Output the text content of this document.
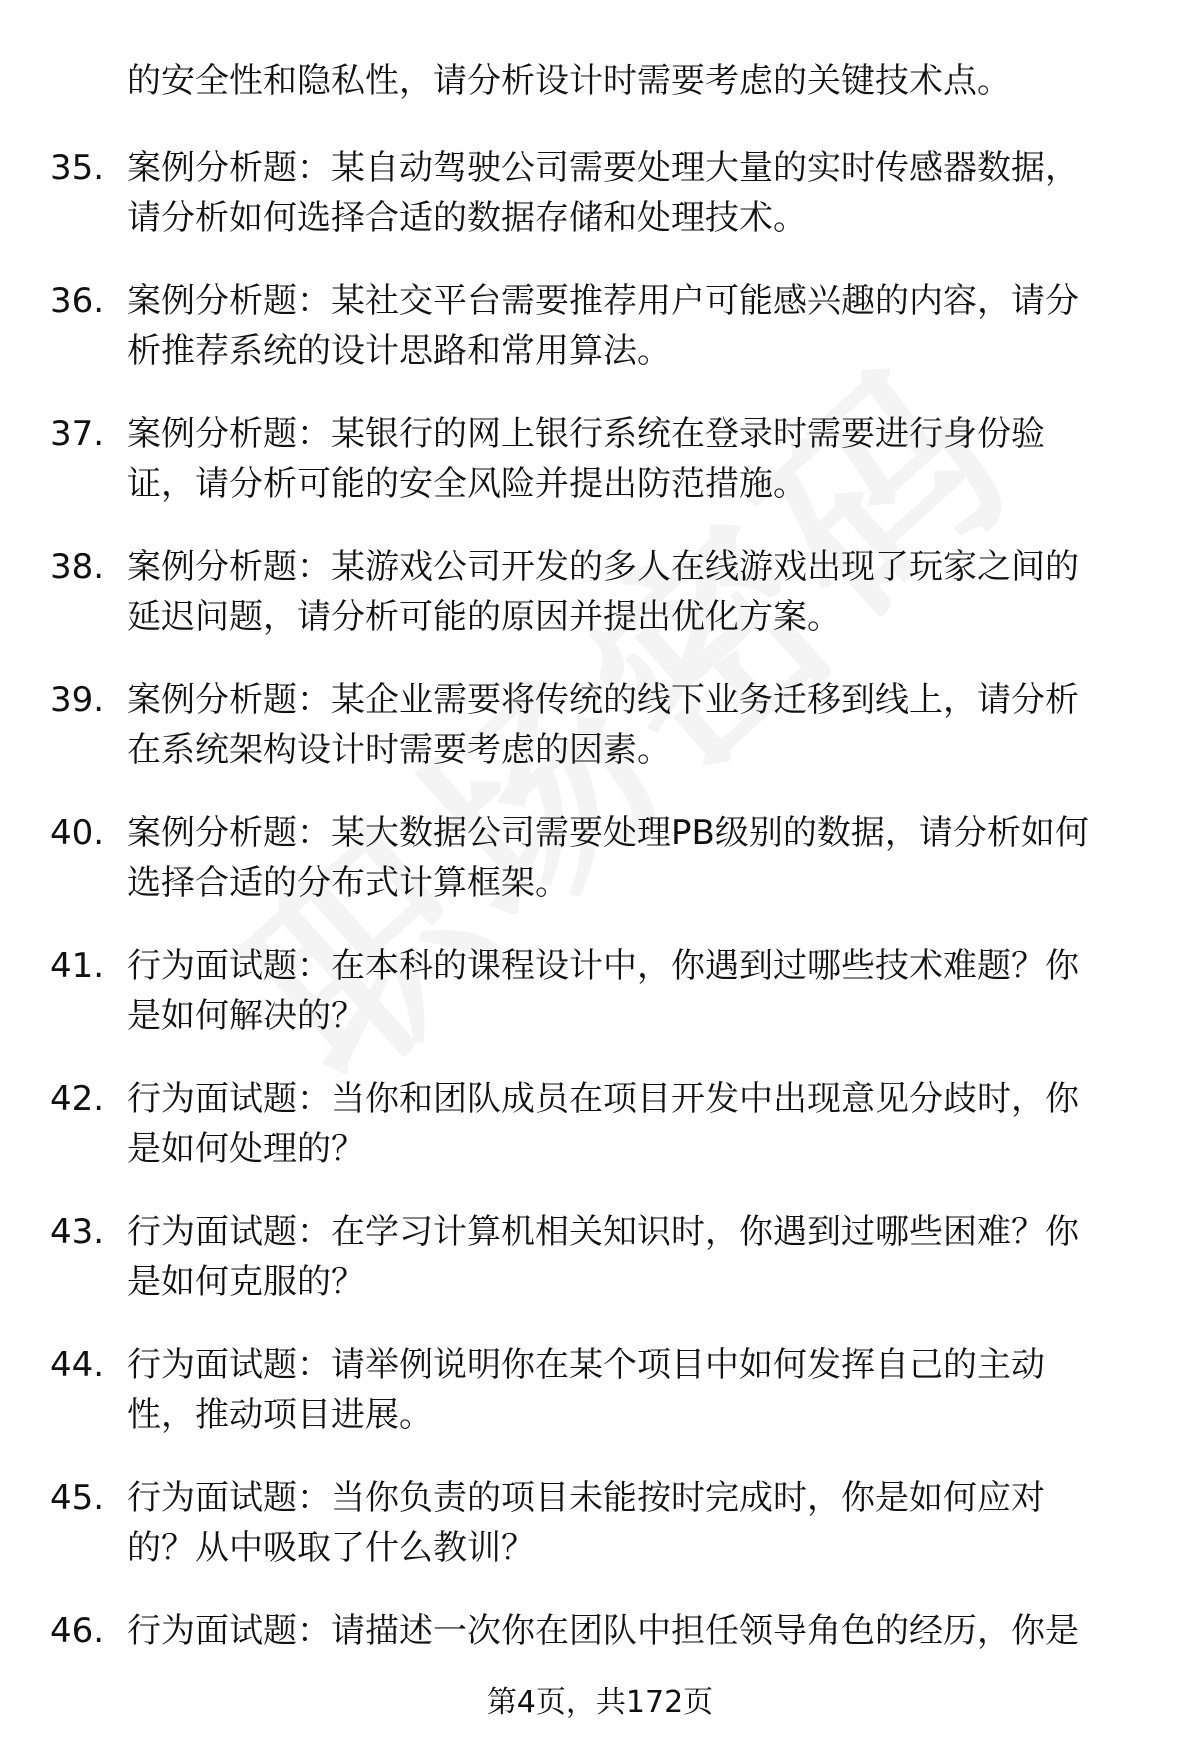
的安全性和隐私性，请分析设计时需要考虑的关键技术点。
35. 案例分析题：某自动驾驶公司需要处理大量的实时传感器数据，
请分析如何选择合适的数据存储和处理技术。
36. 案例分析题：某社交平台需要推荐用户可能感兴趣的内容，请分
析推荐系统的设计思路和常用算法。
37. 案例分析题：某银行的网上银行系统在登录时需要进行身份验
证，请分析可能的安全风险并提出防范措施。
38. 案例分析题：某游戏公司开发的多人在线游戏出现了玩家之间的
延迟问题，请分析可能的原因并提出优化方案。
39. 案例分析题：某企业需要将传统的线下业务迁移到线上，请分析
在系统架构设计时需要考虑的因素。
40. 案例分析题：某大数据公司需要处理PB级别的数据，请分析如何
选择合适的分布式计算框架。
41. 行为面试题：在本科的课程设计中，你遇到过哪些技术难题？你
是如何解决的？
42. 行为面试题：当你和团队成员在项目开发中出现意见分歧时，你
是如何处理的？
43. 行为面试题：在学习计算机相关知识时，你遇到过哪些困难？你
是如何克服的？
44. 行为面试题：请举例说明你在某个项目中如何发挥自己的主动
性，推动项目进展。
45. 行为面试题：当你负责的项目未能按时完成时，你是如何应对
的？从中吸取了什么教训？
46. 行为面试题：请描述一次你在团队中担任领导角色的经历，你是
第4页，共172页
